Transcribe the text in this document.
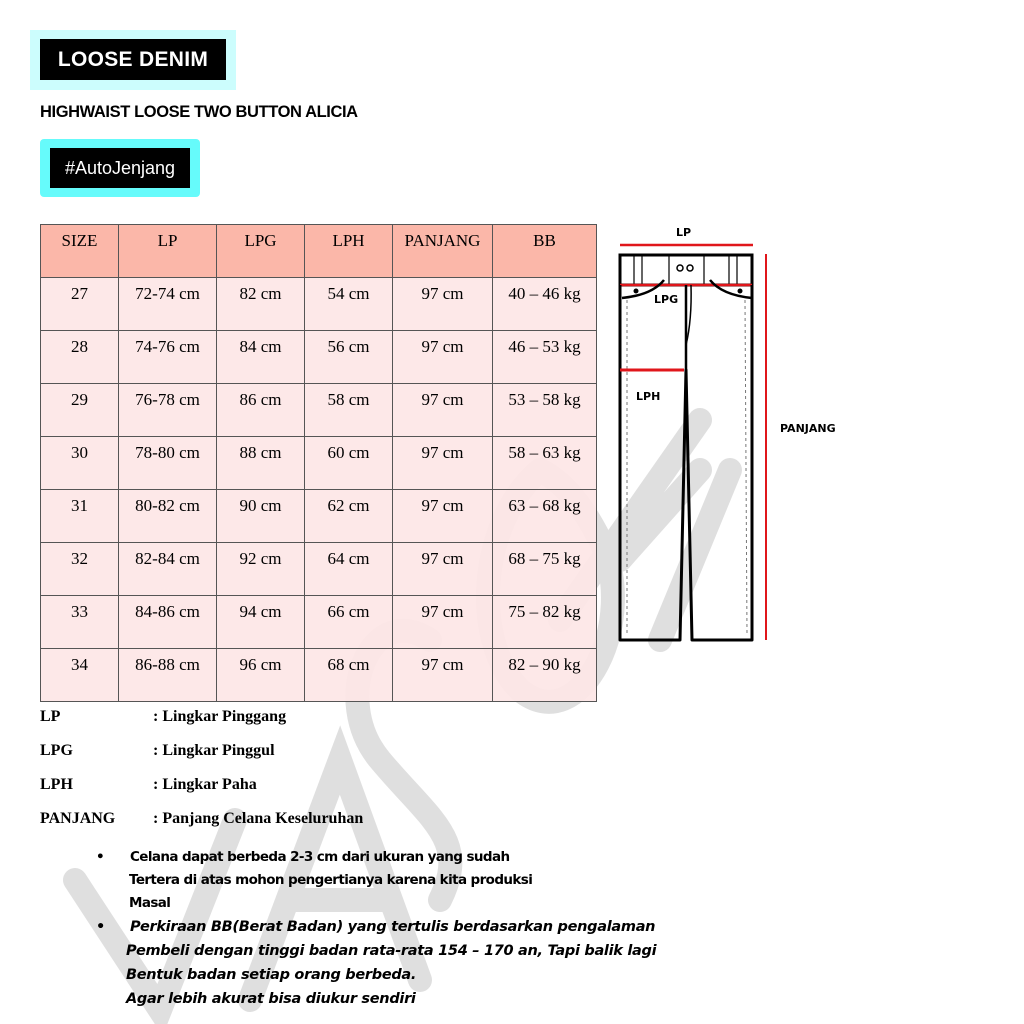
LOOSE DENIM
HIGHWAIST LOOSE TWO BUTTON ALICIA
#AutoJenjang
SIZE	LP	LPG	LPH	PANJANG	BB
27	72-74 cm	82 cm	54 cm	97 cm	40 – 46 kg
28	74-76 cm	84 cm	56 cm	97 cm	46 – 53 kg
29	76-78 cm	86 cm	58 cm	97 cm	53 – 58 kg
30	78-80 cm	88 cm	60 cm	97 cm	58 – 63 kg
31	80-82 cm	90 cm	62 cm	97 cm	63 – 68 kg
32	82-84 cm	92 cm	64 cm	97 cm	68 – 75 kg
33	84-86 cm	94 cm	66 cm	97 cm	75 – 82 kg
34	86-88 cm	96 cm	68 cm	97 cm	82 – 90 kg
LP
LPG
LPH
PANJANG
LP	: Lingkar Pinggang
LPG	: Lingkar Pinggul
LPH	: Lingkar Paha
PANJANG	: Panjang Celana Keseluruhan
• Celana dapat berbeda 2-3 cm dari ukuran yang sudah
Tertera di atas mohon pengertianya karena kita produksi
Masal
• Perkiraan BB(Berat Badan) yang tertulis berdasarkan pengalaman
Pembeli dengan tinggi badan rata-rata 154 – 170 an, Tapi balik lagi
Bentuk badan setiap orang berbeda.
Agar lebih akurat bisa diukur sendiri
